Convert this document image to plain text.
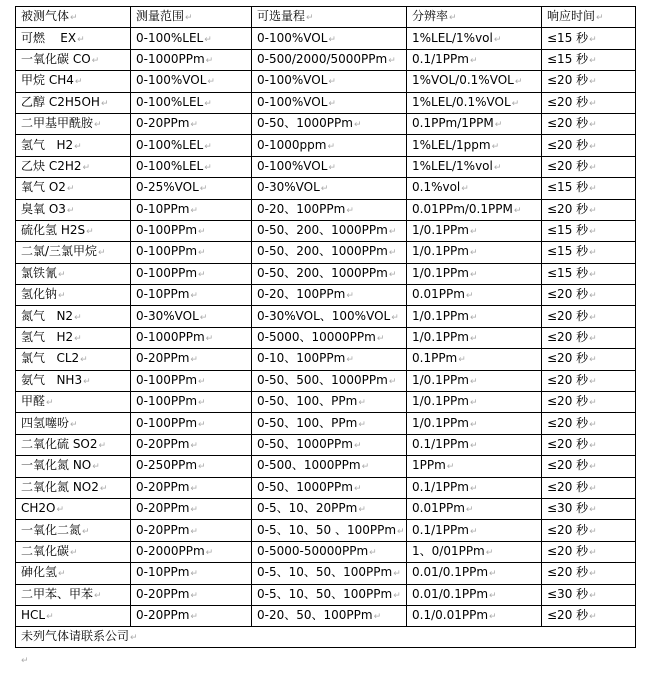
被测气体↵	测量范围↵	可选量程↵	分辨率↵	响应时间↵
可燃    EX↵	0-100%LEL↵	0-100%VOL↵	1%LEL/1%vol↵	≤15 秒↵
一氧化碳 CO↵	0-1000PPm↵	0-500/2000/5000PPm↵	0.1/1PPm↵	≤15 秒↵
甲烷 CH4↵	0-100%VOL↵	0-100%VOL↵	1%VOL/0.1%VOL↵	≤20 秒↵
乙醇 C2H5OH↵	0-100%LEL↵	0-100%VOL↵	1%LEL/0.1%VOL↵	≤20 秒↵
二甲基甲酰胺↵	0-20PPm↵	0-50、1000PPm↵	0.1PPm/1PPM↵	≤20 秒↵
氢气   H2↵	0-100%LEL↵	0-1000ppm↵	1%LEL/1ppm↵	≤20 秒↵
乙炔 C2H2↵	0-100%LEL↵	0-100%VOL↵	1%LEL/1%vol↵	≤20 秒↵
氧气 O2↵	0-25%VOL↵	0-30%VOL↵	0.1%vol↵	≤15 秒↵
臭氧 O3↵	0-10PPm↵	0-20、100PPm↵	0.01PPm/0.1PPM↵	≤20 秒↵
硫化氢 H2S↵	0-100PPm↵	0-50、200、1000PPm↵	1/0.1PPm↵	≤15 秒↵
二氯/三氯甲烷↵	0-100PPm↵	0-50、200、1000PPm↵	1/0.1PPm↵	≤15 秒↵
氯铁氰↵	0-100PPm↵	0-50、200、1000PPm↵	1/0.1PPm↵	≤15 秒↵
氢化钠↵	0-10PPm↵	0-20、100PPm↵	0.01PPm↵	≤20 秒↵
氮气   N2↵	0-30%VOL↵	0-30%VOL、100%VOL↵	1/0.1PPm↵	≤20 秒↵
氢气   H2↵	0-1000PPm↵	0-5000、10000PPm↵	1/0.1PPm↵	≤20 秒↵
氯气   CL2↵	0-20PPm↵	0-10、100PPm↵	0.1PPm↵	≤20 秒↵
氨气   NH3↵	0-100PPm↵	0-50、500、1000PPm↵	1/0.1PPm↵	≤20 秒↵
甲醛↵	0-100PPm↵	0-50、100、PPm↵	1/0.1PPm↵	≤20 秒↵
四氢噻吩↵	0-100PPm↵	0-50、100、PPm↵	1/0.1PPm↵	≤20 秒↵
二氧化硫 SO2↵	0-20PPm↵	0-50、1000PPm↵	0.1/1PPm↵	≤20 秒↵
一氧化氮 NO↵	0-250PPm↵	0-500、1000PPm↵	1PPm↵	≤20 秒↵
二氧化氮 NO2↵	0-20PPm↵	0-50、1000PPm↵	0.1/1PPm↵	≤20 秒↵
CH2O↵	0-20PPm↵	0-5、10、20PPm↵	0.01PPm↵	≤30 秒↵
一氧化二氮↵	0-20PPm↵	0-5、10、50 、100PPm↵	0.1/1PPm↵	≤20 秒↵
二氧化碳↵	0-2000PPm↵	0-5000-50000PPm↵	1、0/01PPm↵	≤20 秒↵
砷化氢↵	0-10PPm↵	0-5、10、50、100PPm↵	0.01/0.1PPm↵	≤20 秒↵
二甲苯、甲苯↵	0-20PPm↵	0-5、10、50、100PPm↵	0.01/0.1PPm↵	≤30 秒↵
HCL↵	0-20PPm↵	0-20、50、100PPm↵	0.1/0.01PPm↵	≤20 秒↵
未列气体请联系公司↵				
↵
